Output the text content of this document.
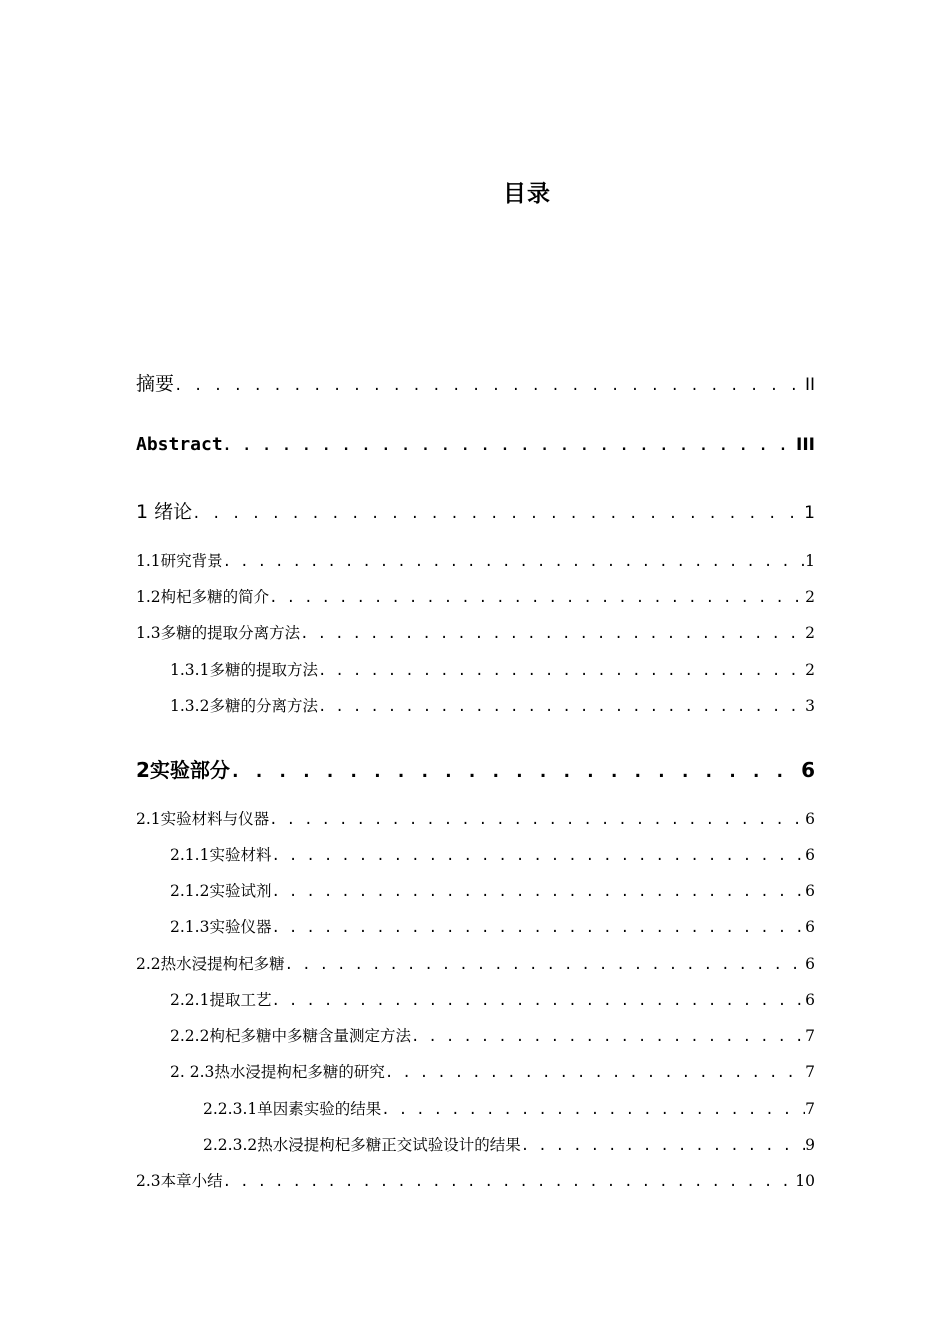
目录
摘要 . . .	II
Abstract . . .	III
1 绪论 . . .	1
1.1研究背景 . . .	1
1.2枸杞多糖的简介 . . .	2
1.3多糖的提取分离方法 . . .	2
1.3.1多糖的提取方法 . . .	2
1.3.2多糖的分离方法 . . .	3
2实验部分 . . .	6
2.1实验材料与仪器 . . .	6
2.1.1实验材料 . . .	6
2.1.2实验试剂 . . .	6
2.1.3实验仪器 . . .	6
2.2热水浸提枸杞多糖 . . .	6
2.2.1提取工艺 . . .	6
2.2.2枸杞多糖中多糖含量测定方法 . . .	7
2. 2.3热水浸提枸杞多糖的研究 . . .	7
2.2.3.1单因素实验的结果 . . .	7
2.2.3.2热水浸提枸杞多糖正交试验设计的结果 . . .	9
2.3本章小结 . . .	10
